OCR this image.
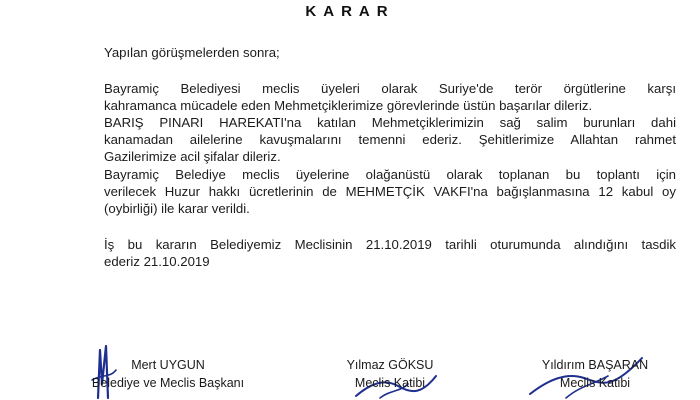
KARAR
Yapılan görüşmelerden sonra;
Bayramiç Belediyesi meclis üyeleri olarak Suriye'de terör örgütlerine karşı
kahramanca mücadele eden Mehmetçiklerimize görevlerinde üstün başarılar dileriz.
BARIŞ PINARI HAREKATI'na katılan Mehmetçiklerimizin sağ salim burunları dahi
kanamadan ailelerine kavuşmalarını temenni ederiz. Şehitlerimize Allahtan rahmet
Gazilerimize acil şifalar dileriz.
Bayramiç Belediye meclis üyelerine olağanüstü olarak toplanan bu toplantı için
verilecek Huzur hakkı ücretlerinin de MEHMETÇİK VAKFI'na bağışlanmasına 12 kabul oy
(oybirliği) ile karar verildi.
İş bu kararın Belediyemiz Meclisinin 21.10.2019 tarihli oturumunda alındığını tasdik
ederiz 21.10.2019
Mert UYGUN
Belediye ve Meclis Başkanı
Yılmaz GÖKSU
Meclis Katibi
Yıldırım BAŞARAN
Meclis Katibi
